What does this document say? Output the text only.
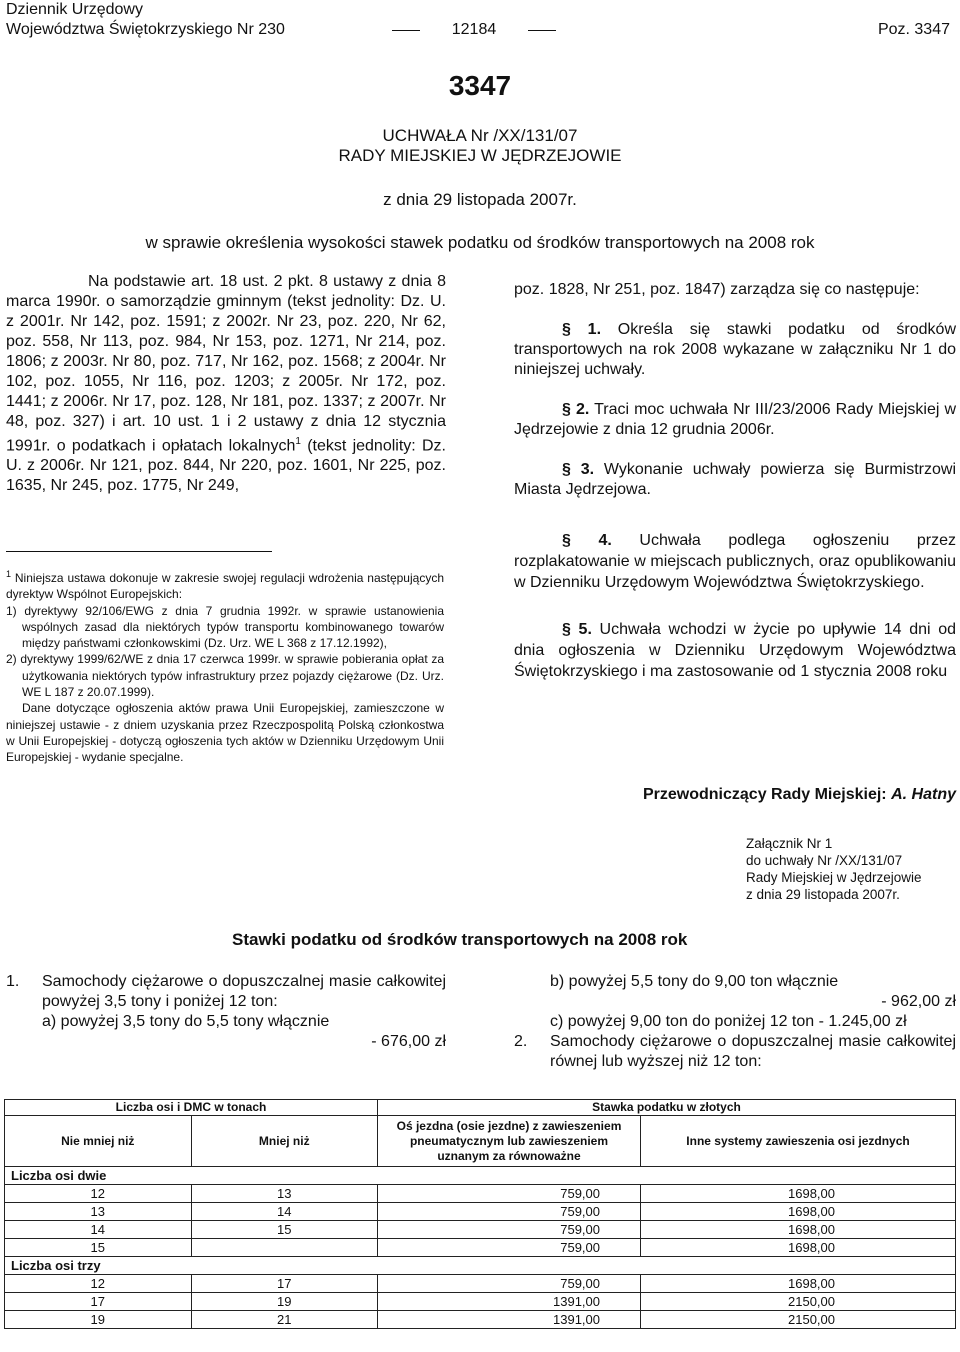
Dziennik Urzędowy
Województwa Świętokrzyskiego Nr 230	12184	Poz. 3347
3347
UCHWAŁA Nr /XX/131/07
RADY MIEJSKIEJ W JĘDRZEJOWIE
z dnia 29 listopada 2007r.
w sprawie określenia wysokości stawek podatku od środków transportowych na 2008 rok

Na podstawie art. 18 ust. 2 pkt. 8 ustawy z dnia 8 marca 1990r. o samorządzie gminnym (tekst jednolity: Dz. U. z 2001r. Nr 142, poz. 1591; z 2002r. Nr 23, poz. 220, Nr 62, poz. 558, Nr 113, poz. 984, Nr 153, poz. 1271, Nr 214, poz. 1806; z 2003r. Nr 80, poz. 717, Nr 162, poz. 1568; z 2004r. Nr 102, poz. 1055, Nr 116, poz. 1203; z 2005r. Nr 172, poz. 1441; z 2006r. Nr 17, poz. 128, Nr 181, poz. 1337; z 2007r. Nr 48, poz. 327) i art. 10 ust. 1 i 2 ustawy z dnia 12 stycznia 1991r. o podatkach i opłatach lokalnych$^1$ (tekst jednolity: Dz. U. z 2006r. Nr 121, poz. 844, Nr 220, poz. 1601, Nr 225, poz. 1635, Nr 245, poz. 1775, Nr 249,

$^1$ Niniejsza ustawa dokonuje w zakresie swojej regulacji wdrożenia następujących dyrektyw Wspólnot Europejskich:

1) dyrektywy 92/106/EWG z dnia 7 grudnia 1992r. w sprawie ustanowienia wspólnych zasad dla niektórych typów transportu kombinowanego towarów między państwami członkowskimi (Dz. Urz. WE L 368 z 17.12.1992),

2) dyrektywy 1999/62/WE z dnia 17 czerwca 1999r. w sprawie pobierania opłat za użytkowania niektórych typów infrastruktury przez pojazdy ciężarowe (Dz. Urz. WE L 187 z 20.07.1999).

Dane dotyczące ogłoszenia aktów prawa Unii Europejskiej, zamieszczone w niniejszej ustawie - z dniem uzyskania przez Rzeczpospolitą Polską członkostwa w Unii Europejskiej - dotyczą ogłoszenia tych aktów w Dzienniku Urzędowym Unii Europejskiej - wydanie specjalne.

poz. 1828, Nr 251, poz. 1847) zarządza się co następuje:

§ 1. Określa się stawki podatku od środków transportowych na rok 2008 wykazane w załączniku Nr 1 do niniejszej uchwały.

§ 2. Traci moc uchwała Nr III/23/2006 Rady Miejskiej w Jędrzejowie z dnia 12 grudnia 2006r.

§ 3. Wykonanie uchwały powierza się Burmistrzowi Miasta Jędrzejowa.

§ 4. Uchwała podlega ogłoszeniu przez rozplakatowanie w miejscach publicznych, oraz opublikowaniu w Dzienniku Urzędowym Województwa Świętokrzyskiego.

§ 5. Uchwała wchodzi w życie po upływie 14 dni od dnia ogłoszenia w Dzienniku Urzędowym Województwa Świętokrzyskiego i ma zastosowanie od 1 stycznia 2008 roku

Przewodniczący Rady Miejskiej: A. Hatny
Załącznik Nr 1
do uchwały Nr /XX/131/07
Rady Miejskiej w Jędrzejowie
z dnia 29 listopada 2007r.
Stawki podatku od środków transportowych na 2008 rok
1.	Samochody ciężarowe o dopuszczalnej masie całkowitej powyżej 3,5 tony i poniżej 12 ton:
a) powyżej 3,5 tony do 5,5 tony włącznie
- 676,00 zł
b) powyżej 5,5 tony do 9,00 ton włącznie
- 962,00 zł
c) powyżej 9,00 ton do poniżej 12 ton - 1.245,00 zł
2.	Samochody ciężarowe o dopuszczalnej masie całkowitej równej lub wyższej niż 12 ton:
Liczba osi i DMC w tonach		Stawka podatku w złotych	
Nie mniej niż	Mniej niż	Oś jezdna (osie jezdne) z zawieszeniem pneumatycznym lub zawieszeniem uznanym za równoważne	Inne systemy zawieszenia osi jezdnych
Liczba osi dwie			
12	13	759,00	1698,00
13	14	759,00	1698,00
14	15	759,00	1698,00
15		759,00	1698,00
Liczba osi trzy			
12	17	759,00	1698,00
17	19	1391,00	2150,00
19	21	1391,00	2150,00
